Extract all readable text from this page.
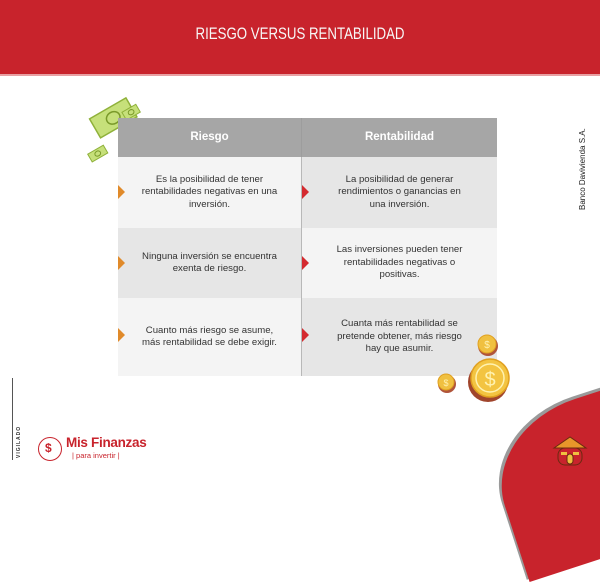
RIESGO VERSUS RENTABILIDAD
Riesgo	Rentabilidad
Es la posibilidad de tener rentabilidades negativas en una inversión.
La posibilidad de generar rendimientos o ganancias en una inversión.
Ninguna inversión se encuentra exenta de riesgo.
Las inversiones pueden tener rentabilidades negativas o positivas.
Cuanto más riesgo se asume, más rentabilidad se debe exigir.
Cuanta más rentabilidad se pretende obtener, más riesgo hay que asumir.	$
$ $
Banco Davivienda S.A.
VIGILADO $ Mis Finanzas
| para invertir |
